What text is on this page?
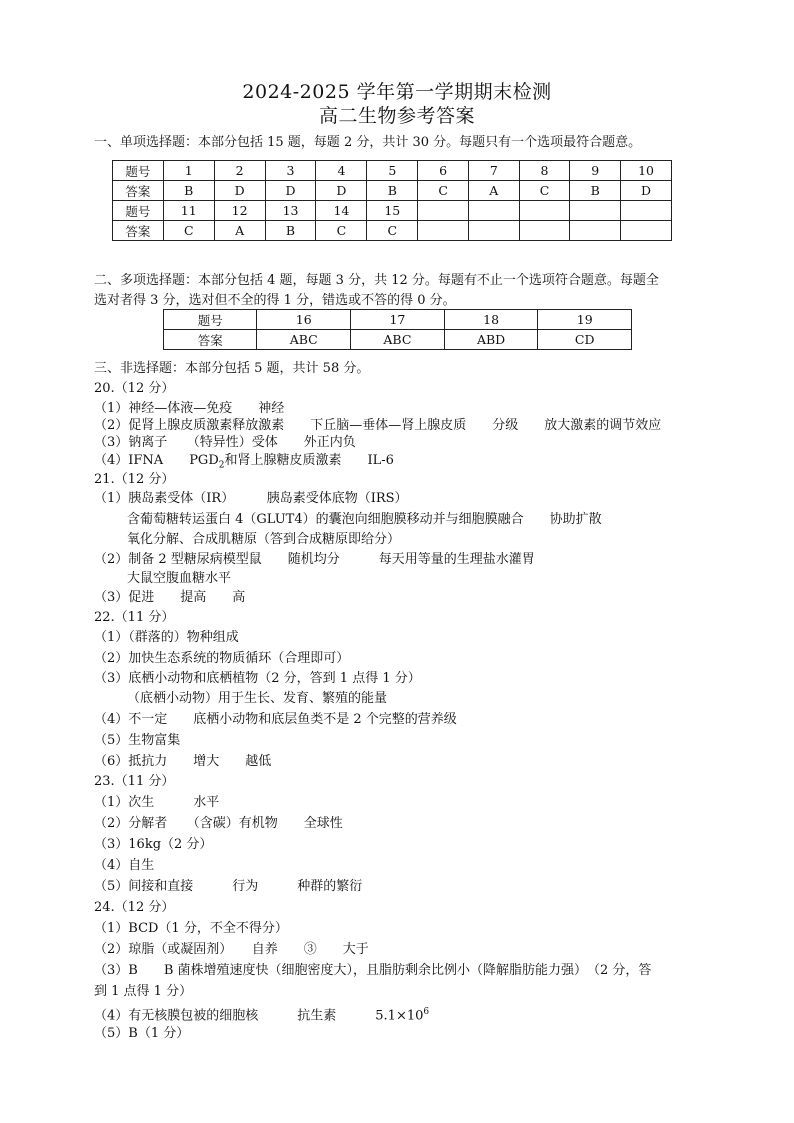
2024-2025 学年第一学期期末检测
高二生物参考答案
一、单项选择题：本部分包括 15 题，每题 2 分，共计 30 分。每题只有一个选项最符合题意。
题号	1	2	3	4	5	6	7	8	9	10
答案	B	D	D	D	B	C	A	C	B	D
题号	11	12	13	14	15					
答案	C	A	B	C	C					
二、多项选择题：本部分包括 4 题，每题 3 分，共 12 分。每题有不止一个选项符合题意。每题全
选对者得 3 分，选对但不全的得 1 分，错选或不答的得 0 分。
题号	16	17	18	19
答案	ABC	ABC	ABD	CD
三、非选择题：本部分包括 5 题，共计 58 分。
20.（12 分）
（1）神经—体液—免疫　　神经
（2）促肾上腺皮质激素释放激素　　下丘脑—垂体—肾上腺皮质　　分级　　放大激素的调节效应
（3）钠离子　　（特异性）受体　　外正内负
（4）IFNA　　$PGD_2$和肾上腺糖皮质激素　　IL-6
21.（12 分）
（1）胰岛素受体（IR）　　　胰岛素受体底物（IRS）
含葡萄糖转运蛋白 4（GLUT4）的囊泡向细胞膜移动并与细胞膜融合　　协助扩散
氧化分解、合成肌糖原（答到合成糖原即给分）
（2）制备 2 型糖尿病模型鼠　　随机均分　　　每天用等量的生理盐水灌胃
大鼠空腹血糖水平
（3）促进　　提高　　高
22.（11 分）
（1）（群落的）物种组成
（2）加快生态系统的物质循环（合理即可）
（3）底栖小动物和底栖植物（2 分，答到 1 点得 1 分）
（底栖小动物）用于生长、发育、繁殖的能量
（4）不一定　　底栖小动物和底层鱼类不是 2 个完整的营养级
（5）生物富集
（6）抵抗力　　增大　　越低
23.（11 分）
（1）次生　　　水平
（2）分解者　　（含碳）有机物　　全球性
（3）16kg（2 分）
（4）自生
（5）间接和直接　　　行为　　　种群的繁衍
24.（12 分）
（1）BCD（1 分，不全不得分）
（2）琼脂（或凝固剂）　　自养　　③　　大于
（3）B　　B 菌株增殖速度快（细胞密度大），且脂肪剩余比例小（降解脂肪能力强）　（2 分，答
到 1 点得 1 分）
（4）有无核膜包被的细胞核　　　抗生素　　　$5.1\times 10^6$
（5）B（1 分）
